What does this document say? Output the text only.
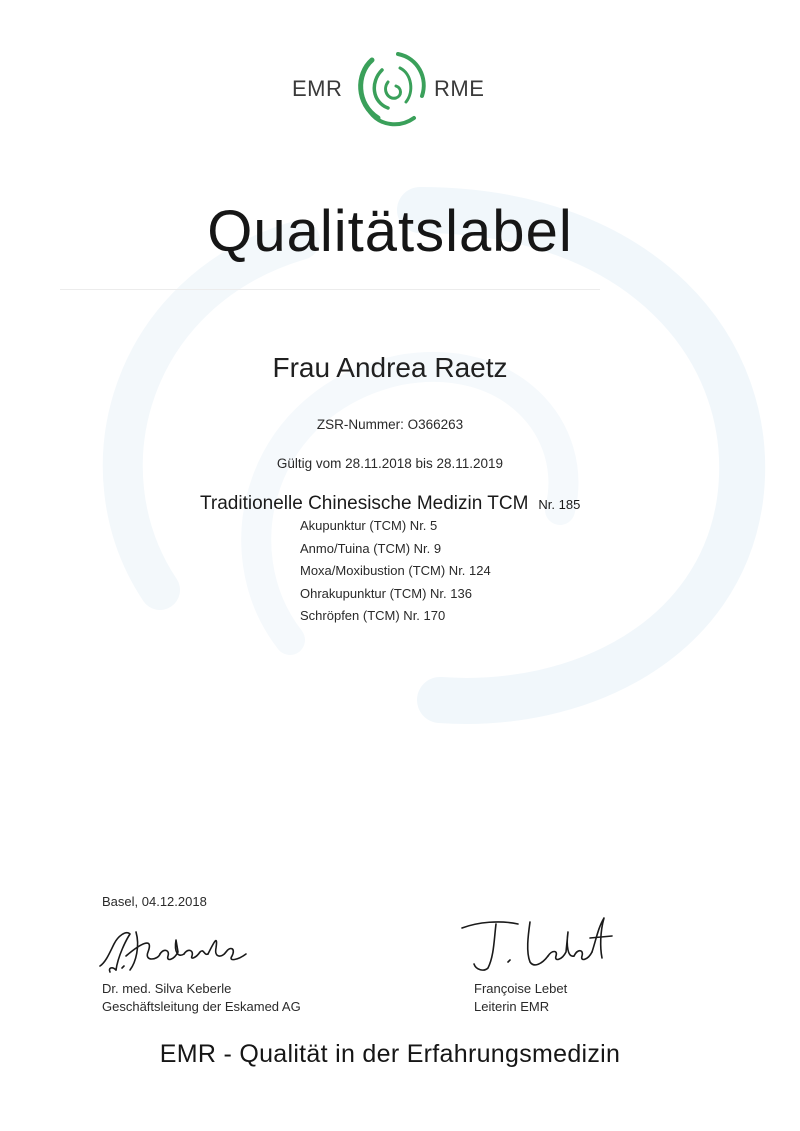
EMR	RME
Qualitätslabel
Frau Andrea Raetz
ZSR-Nummer: O366263
Gültig vom 28.11.2018 bis 28.11.2019
Traditionelle Chinesische Medizin TCM Nr. 185
Akupunktur (TCM) Nr. 5
Anmo/Tuina (TCM) Nr. 9
Moxa/Moxibustion (TCM) Nr. 124
Ohrakupunktur (TCM) Nr. 136
Schröpfen (TCM) Nr. 170
Basel, 04.12.2018
Dr. med. Silva Keberle
Geschäftsleitung der Eskamed AG
Françoise Lebet
Leiterin EMR
EMR - Qualität in der Erfahrungsmedizin
